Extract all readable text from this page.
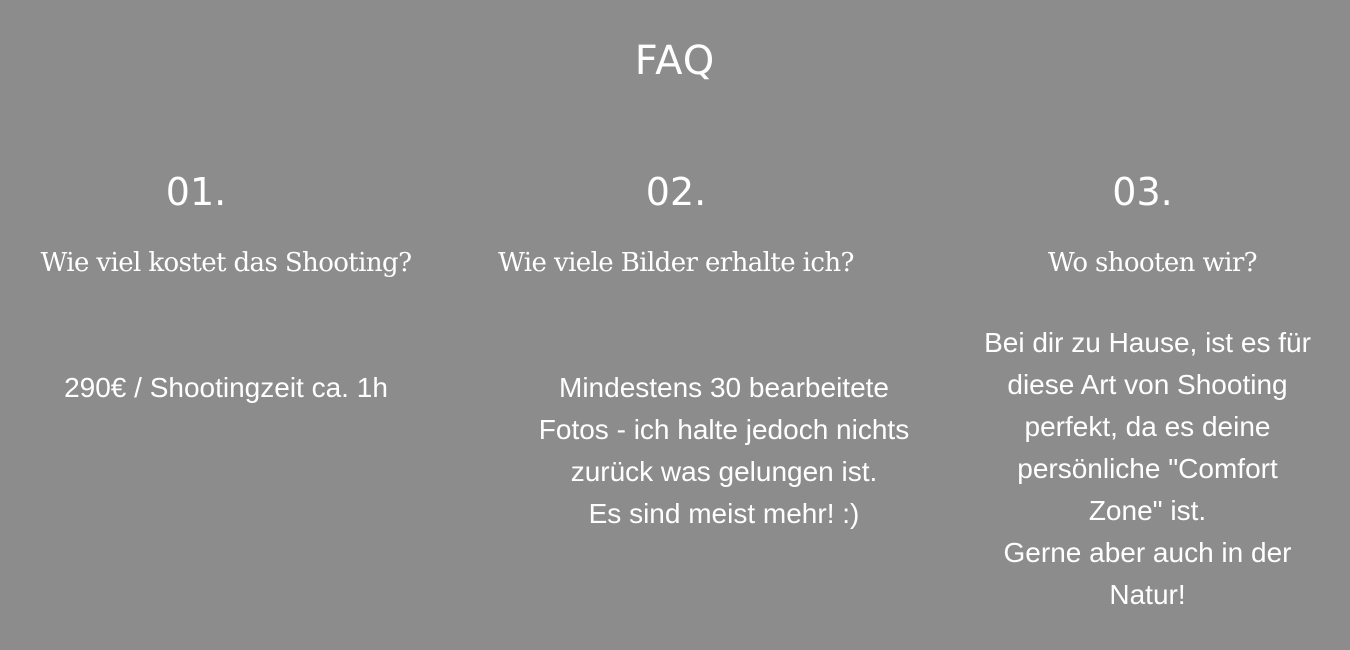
FAQ
01.
Wie viel kostet das Shooting?
290€ / Shootingzeit ca. 1h
02.
Wie viele Bilder erhalte ich?
Mindestens 30 bearbeitete
Fotos - ich halte jedoch nichts
zurück was gelungen ist.
Es sind meist mehr! :)
03.
Wo shooten wir?
Bei dir zu Hause, ist es für
diese Art von Shooting
perfekt, da es deine
persönliche "Comfort
Zone" ist.
Gerne aber auch in der
Natur!
